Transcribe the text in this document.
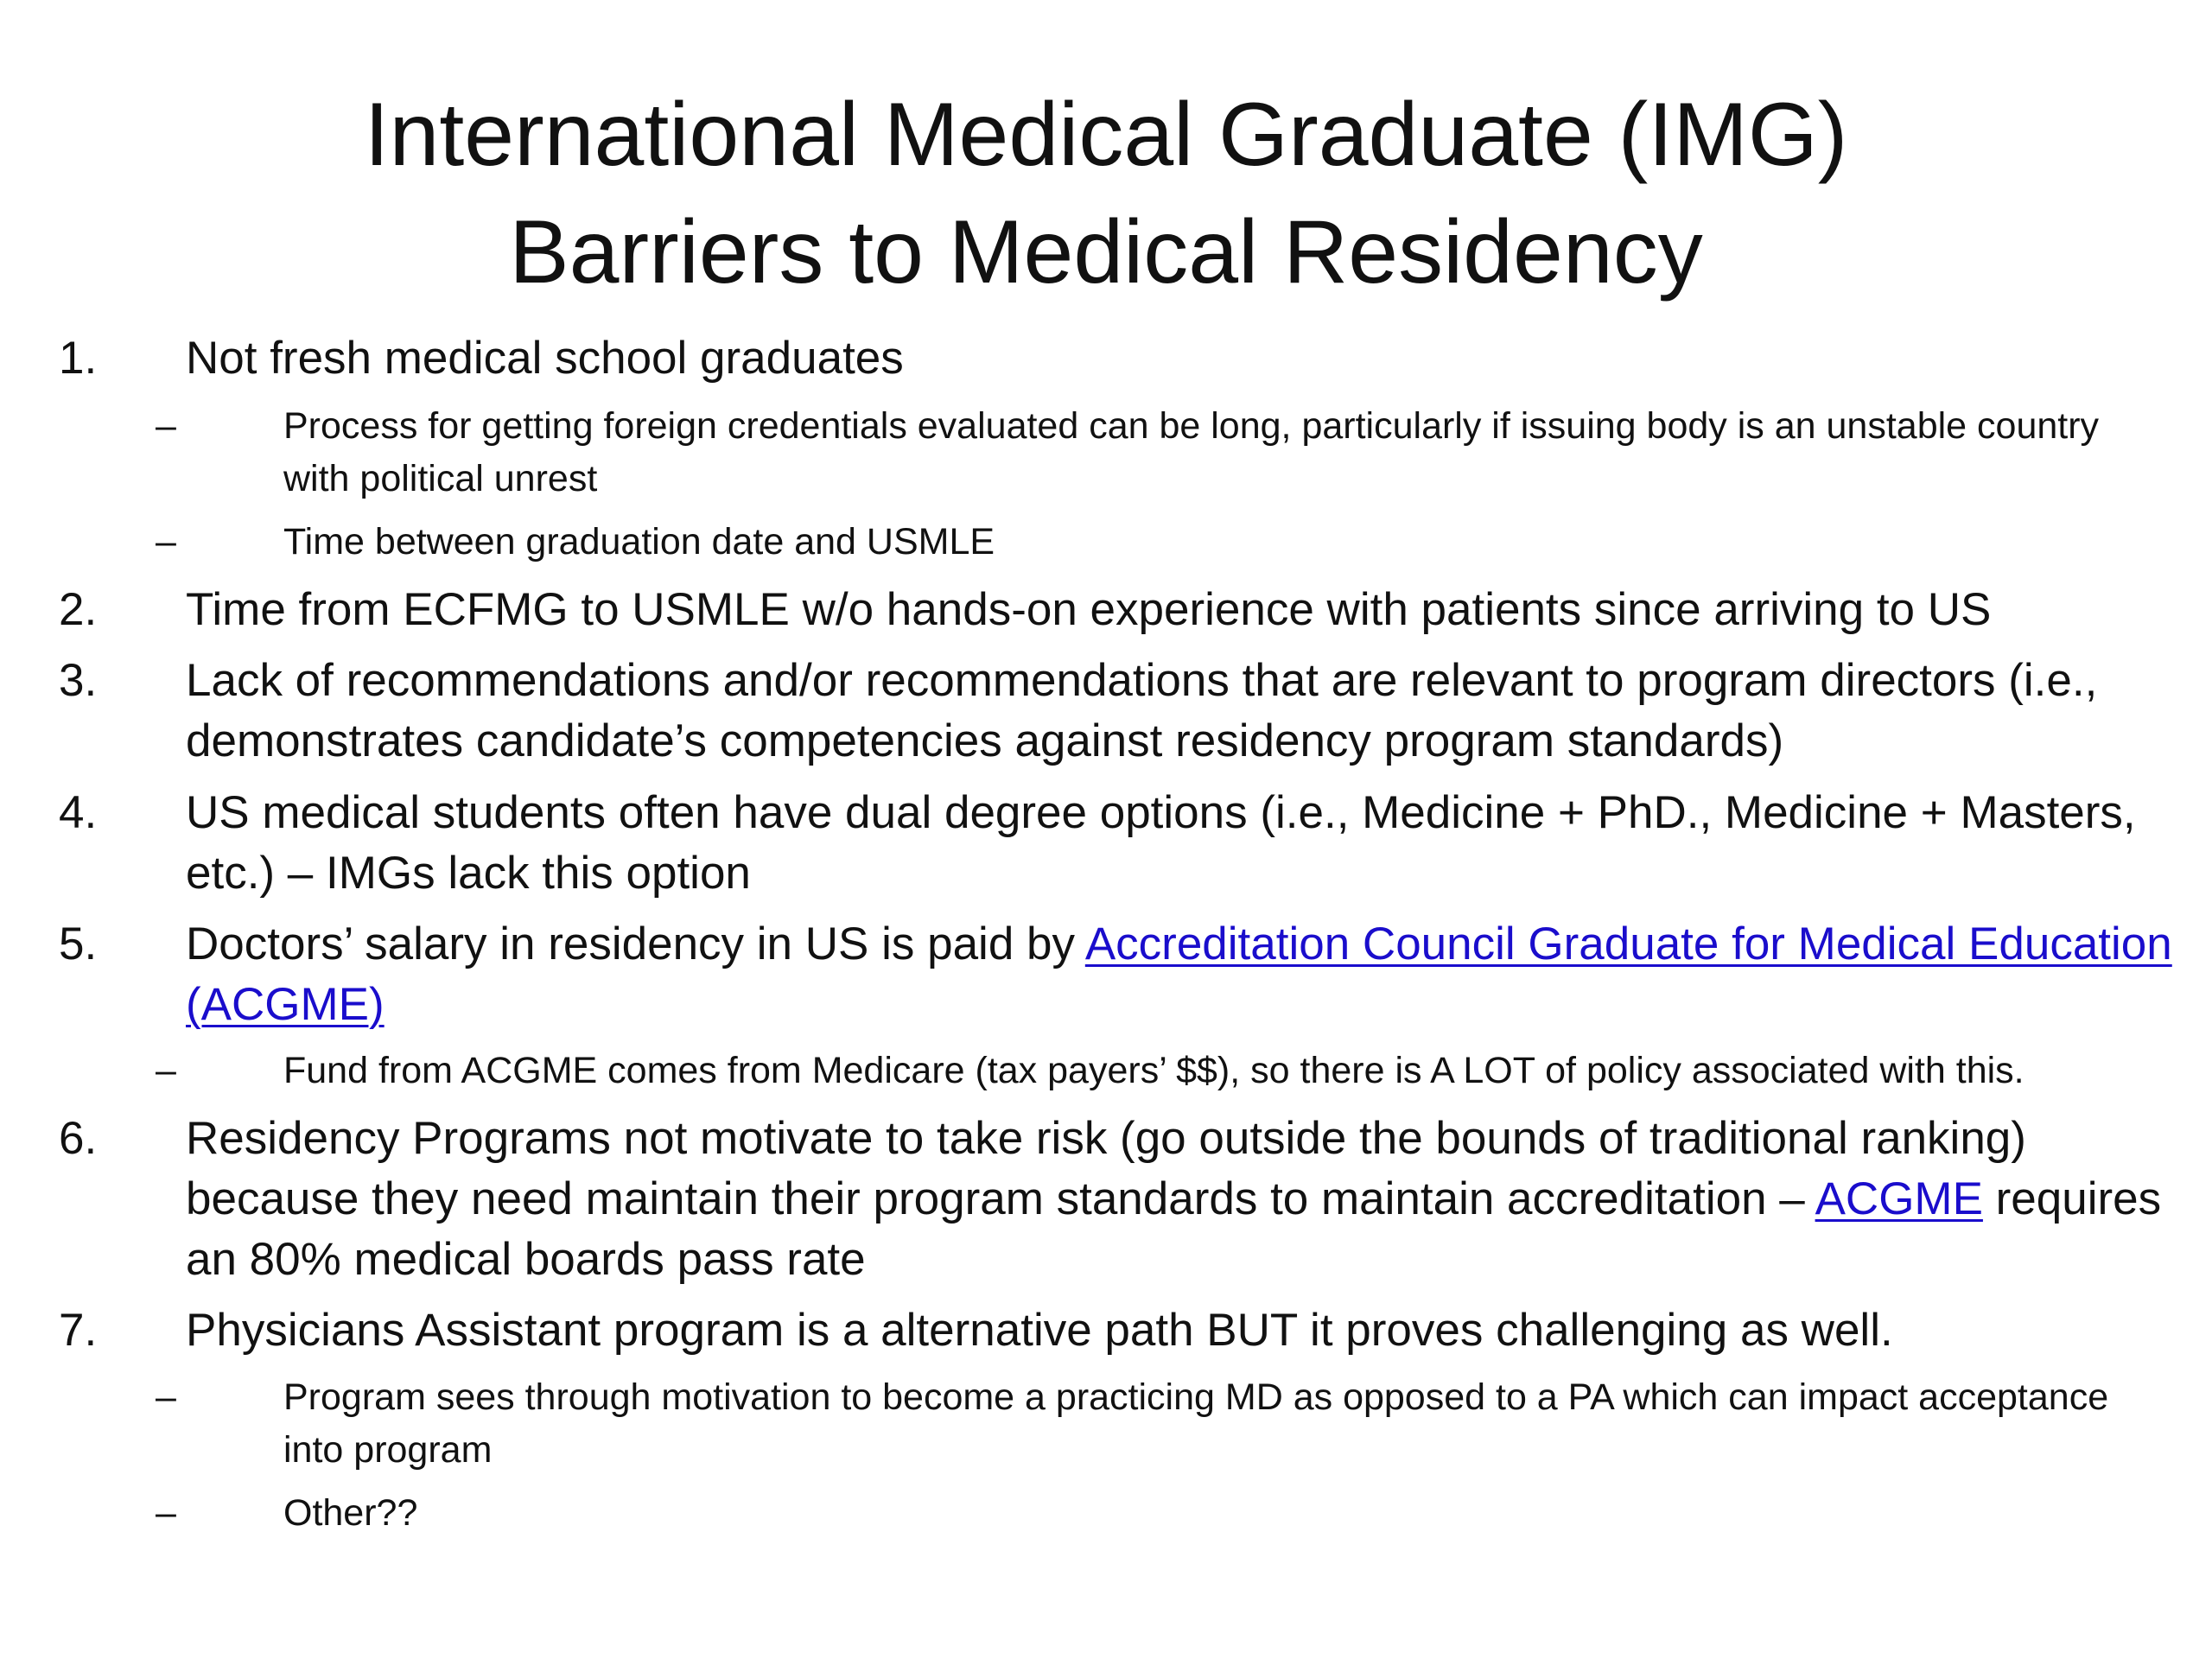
International Medical Graduate (IMG)
Barriers to Medical Residency
1. Not fresh medical school graduates
–	Process for getting foreign credentials evaluated can be long, particularly if issuing body is an unstable country with political unrest
–	Time between graduation date and USMLE
2. Time from ECFMG to USMLE w/o hands-on experience with patients since arriving to US
3. Lack of recommendations and/or recommendations that are relevant to program directors (i.e., demonstrates candidate’s competencies against residency program standards)
4. US medical students often have dual degree options (i.e., Medicine + PhD., Medicine + Masters, etc.) – IMGs lack this option
5. Doctors’ salary in residency in US is paid by Accreditation Council Graduate for Medical Education (ACGME)
–	Fund from ACGME comes from Medicare (tax payers’ $$), so there is A LOT of policy associated with this.
6. Residency Programs not motivate to take risk (go outside the bounds of traditional ranking) because they need maintain their program standards to maintain accreditation – ACGME requires an 80% medical boards pass rate
7. Physicians Assistant program is a alternative path BUT it proves challenging as well.
–	Program sees through motivation to become a practicing MD as opposed to a PA which can impact acceptance into program
–	Other??
